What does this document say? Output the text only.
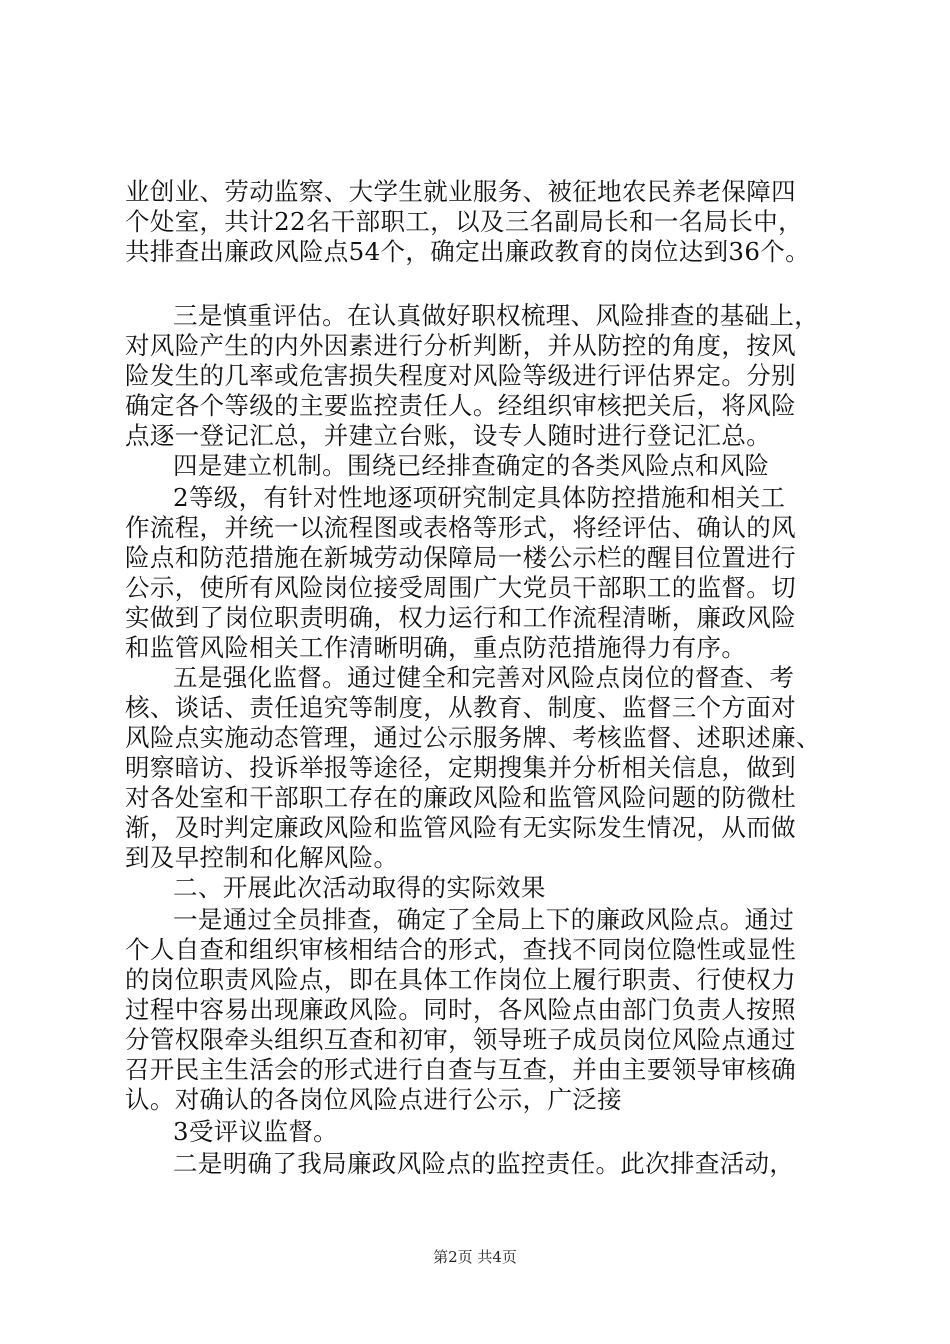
业创业、劳动监察、大学生就业服务、被征地农民养老保障四
个处室，共计22名干部职工，以及三名副局长和一名局长中，
共排查出廉政风险点54个，确定出廉政教育的岗位达到36个。
三是慎重评估。在认真做好职权梳理、风险排查的基础上，
对风险产生的内外因素进行分析判断，并从防控的角度，按风
险发生的几率或危害损失程度对风险等级进行评估界定。分别
确定各个等级的主要监控责任人。经组织审核把关后，将风险
点逐一登记汇总，并建立台账，设专人随时进行登记汇总。
四是建立机制。围绕已经排查确定的各类风险点和风险
2等级，有针对性地逐项研究制定具体防控措施和相关工
作流程，并统一以流程图或表格等形式，将经评估、确认的风
险点和防范措施在新城劳动保障局一楼公示栏的醒目位置进行
公示，使所有风险岗位接受周围广大党员干部职工的监督。切
实做到了岗位职责明确，权力运行和工作流程清晰，廉政风险
和监管风险相关工作清晰明确，重点防范措施得力有序。
五是强化监督。通过健全和完善对风险点岗位的督查、考
核、谈话、责任追究等制度，从教育、制度、监督三个方面对
风险点实施动态管理，通过公示服务牌、考核监督、述职述廉、
明察暗访、投诉举报等途径，定期搜集并分析相关信息，做到
对各处室和干部职工存在的廉政风险和监管风险问题的防微杜
渐，及时判定廉政风险和监管风险有无实际发生情况，从而做
到及早控制和化解风险。
二、开展此次活动取得的实际效果
一是通过全员排查，确定了全局上下的廉政风险点。通过
个人自查和组织审核相结合的形式，查找不同岗位隐性或显性
的岗位职责风险点，即在具体工作岗位上履行职责、行使权力
过程中容易出现廉政风险。同时，各风险点由部门负责人按照
分管权限牵头组织互查和初审，领导班子成员岗位风险点通过
召开民主生活会的形式进行自查与互查，并由主要领导审核确
认。对确认的各岗位风险点进行公示，广泛接
3受评议监督。
二是明确了我局廉政风险点的监控责任。此次排查活动，
第2页 共4页
